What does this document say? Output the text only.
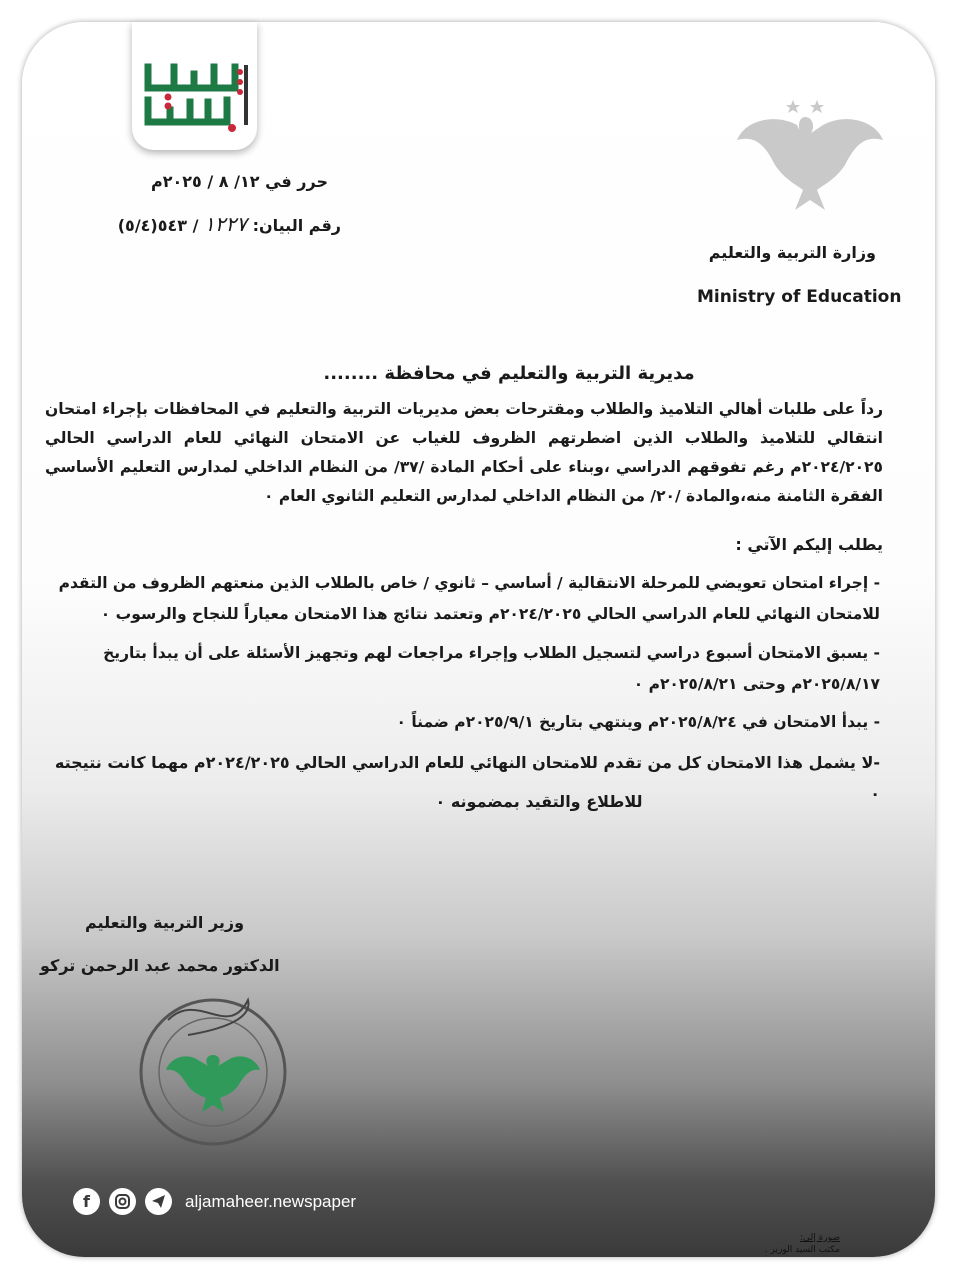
وزارة التربية والتعليم
Ministry of Education
حرر في ١٢/ ٨ / ٢٠٢٥م
رقم البيان: ١٢٢٧ / ٥٤٣(٥/٤)
مديرية التربية والتعليم في محافظة ........
رداً على طلبات أهالي التلاميذ والطلاب ومقترحات بعض مديريات التربية والتعليم في المحافظات بإجراء امتحان انتقالي للتلاميذ والطلاب الذين اضطرتهم الظروف للغياب عن الامتحان النهائي للعام الدراسي الحالي ٢٠٢٤/٢٠٢٥م رغم تفوقهم الدراسي ،وبناء على أحكام المادة /٣٧/ من النظام الداخلي لمدارس التعليم الأساسي الفقرة الثامنة منه،والمادة /٢٠/ من النظام الداخلي لمدارس التعليم الثانوي العام ٠
يطلب إليكم الآتي :
- إجراء امتحان تعويضي للمرحلة الانتقالية / أساسي – ثانوي / خاص بالطلاب الذين منعتهم الظروف من التقدم للامتحان النهائي للعام الدراسي الحالي ٢٠٢٤/٢٠٢٥م وتعتمد نتائج هذا الامتحان معياراً للنجاح والرسوب ٠
- يسبق الامتحان أسبوع دراسي لتسجيل الطلاب وإجراء مراجعات لهم وتجهيز الأسئلة على أن يبدأ بتاريخ ٢٠٢٥/٨/١٧م وحتى ٢٠٢٥/٨/٢١م ٠
- يبدأ الامتحان في ٢٠٢٥/٨/٢٤م وينتهي بتاريخ ٢٠٢٥/٩/١م ضمناً ٠
-لا يشمل هذا الامتحان كل من تقدم للامتحان النهائي للعام الدراسي الحالي ٢٠٢٤/٢٠٢٥م مهما كانت نتيجته ٠
للاطلاع والتقيد بمضمونه ٠
وزير التربية والتعليم
الدكتور محمد عبد الرحمن تركو
f	aljamaheer.newspaper
صورة إلى:

مكتب السيد الوزير .
